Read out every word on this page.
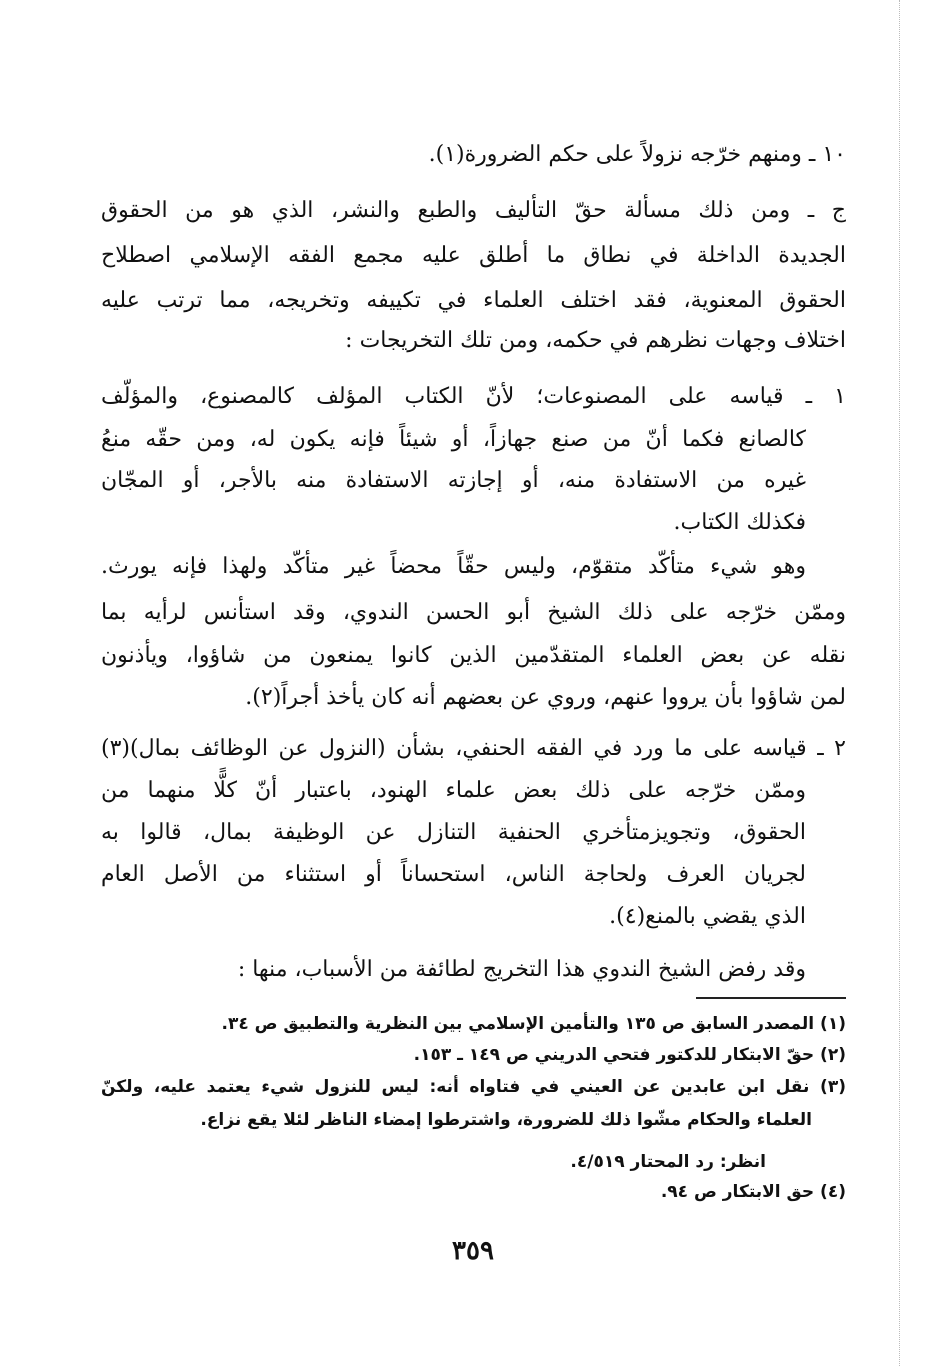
١٠ ـ ومنهم خرّجه نزولاً على حكم الضرورة(١).
ج ـ ومن ذلك مسألة حقّ التأليف والطبع والنشر، الذي هو من الحقوق
الجديدة الداخلة في نطاق ما أطلق عليه مجمع الفقه الإسلامي اصطلاح
الحقوق المعنوية، فقد اختلف العلماء في تكييفه وتخريجه، مما ترتب عليه
اختلاف وجهات نظرهم في حكمه، ومن تلك التخريجات :
١ ـ قياسه على المصنوعات؛ لأنّ الكتاب المؤلف كالمصنوع، والمؤلّف
كالصانع فكما أنّ من صنع جهازاً، أو شيئاً فإنه يكون له، ومن حقّه منعُ
غيره من الاستفادة منه، أو إجازته الاستفادة منه بالأجر، أو المجّان
فكذلك الكتاب.
وهو شيء متأكّد متقوّم، وليس حقّاً محضاً غير متأكّد ولهذا فإنه يورث.
وممّن خرّجه على ذلك الشيخ أبو الحسن الندوي، وقد استأنس لرأيه بما
نقله عن بعض العلماء المتقدّمين الذين كانوا يمنعون من شاؤوا، ويأذنون
لمن شاؤوا بأن يرووا عنهم، وروي عن بعضهم أنه كان يأخذ أجراً(٢).
٢ ـ قياسه على ما ورد في الفقه الحنفي، بشأن (النزول عن الوظائف بمال)(٣)
وممّن خرّجه على ذلك بعض علماء الهنود، باعتبار أنّ كلًّا منهما من
الحقوق، وتجويزمتأخري الحنفية التنازل عن الوظيفة بمال، قالوا به
لجريان العرف ولحاجة الناس، استحساناً أو استثناء من الأصل العام
الذي يقضي بالمنع(٤).
وقد رفض الشيخ الندوي هذا التخريج لطائفة من الأسباب، منها :
(١) المصدر السابق ص ١٣٥ والتأمين الإسلامي بين النظرية والتطبيق ص ٣٤.
(٢) حقّ الابتكار للدكتور فتحي الدريني ص ١٤٩ ـ ١٥٣.
(٣) نقل ابن عابدين عن العيني في فتاواه أنه: ليس للنزول شيء يعتمد عليه، ولكنّ
العلماء والحكام مشّوا ذلك للضرورة، واشترطوا إمضاء الناظر لئلا يقع نزاع.
انظر: رد المحتار ٤/٥١٩.
(٤) حق الابتكار ص ٩٤.
٣٥٩
